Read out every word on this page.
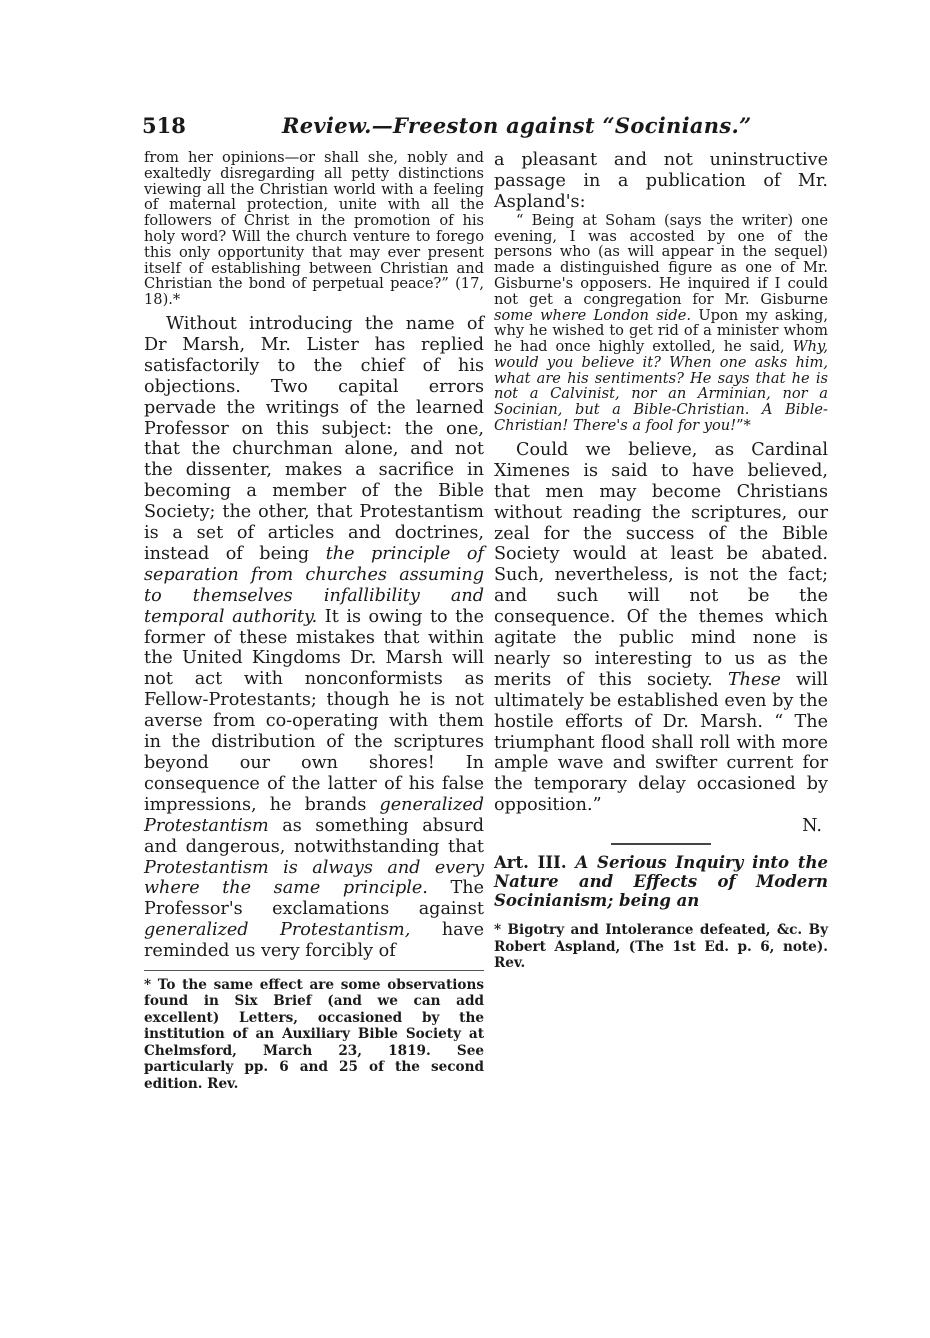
518	Review.—Freeston against “Socinians.”

from her opinions—or shall she, nobly and exaltedly disregarding all petty distinctions viewing all the Christian world with a feeling of maternal protection, unite with all the followers of Christ in the promotion of his holy word? Will the church venture to forego this only opportunity that may ever present itself of establishing between Christian and Christian the bond of perpetual peace?” (17, 18).*

Without introducing the name of Dr Marsh, Mr. Lister has replied satisfactorily to the chief of his objections. Two capital errors pervade the writings of the learned Professor on this subject: the one, that the churchman alone, and not the dissenter, makes a sacrifice in becoming a member of the Bible Society; the other, that Protestantism is a set of articles and doctrines, instead of being the principle of separation from churches assuming to themselves infallibility and temporal authority. It is owing to the former of these mistakes that within the United Kingdoms Dr. Marsh will not act with nonconformists as Fellow-Protestants; though he is not averse from co-operating with them in the distribution of the scriptures beyond our own shores! In consequence of the latter of his false impressions, he brands generalized Protestantism as something absurd and dangerous, notwithstanding that Protestantism is always and every where the same principle. The Professor's exclamations against generalized Protestantism, have reminded us very forcibly of

* To the same effect are some observations found in Six Brief (and we can add excellent) Letters, occasioned by the institution of an Auxiliary Bible Society at Chelmsford, March 23, 1819. See particularly pp. 6 and 25 of the second edition. Rev.

a pleasant and not uninstructive passage in a publication of Mr. Aspland's:

“ Being at Soham (says the writer) one evening, I was accosted by one of the persons who (as will appear in the sequel) made a distinguished figure as one of Mr. Gisburne's opposers. He inquired if I could not get a congregation for Mr. Gisburne some where London side. Upon my asking, why he wished to get rid of a minister whom he had once highly extolled, he said, Why, would you believe it? When one asks him, what are his sentiments? He says that he is not a Calvinist, nor an Arminian, nor a Socinian, but a Bible-Christian. A Bible-Christian! There's a fool for you!”*

Could we believe, as Cardinal Ximenes is said to have believed, that men may become Christians without reading the scriptures, our zeal for the success of the Bible Society would at least be abated. Such, nevertheless, is not the fact; and such will not be the consequence. Of the themes which agitate the public mind none is nearly so interesting to us as the merits of this society. These will ultimately be established even by the hostile efforts of Dr. Marsh. “ The triumphant flood shall roll with more ample wave and swifter current for the temporary delay occasioned by opposition.”

N.

Art. III. A Serious Inquiry into the Nature and Effects of Modern Socinianism; being an

* Bigotry and Intolerance defeated, &c. By Robert Aspland, (The 1st Ed. p. 6, note). Rev.
